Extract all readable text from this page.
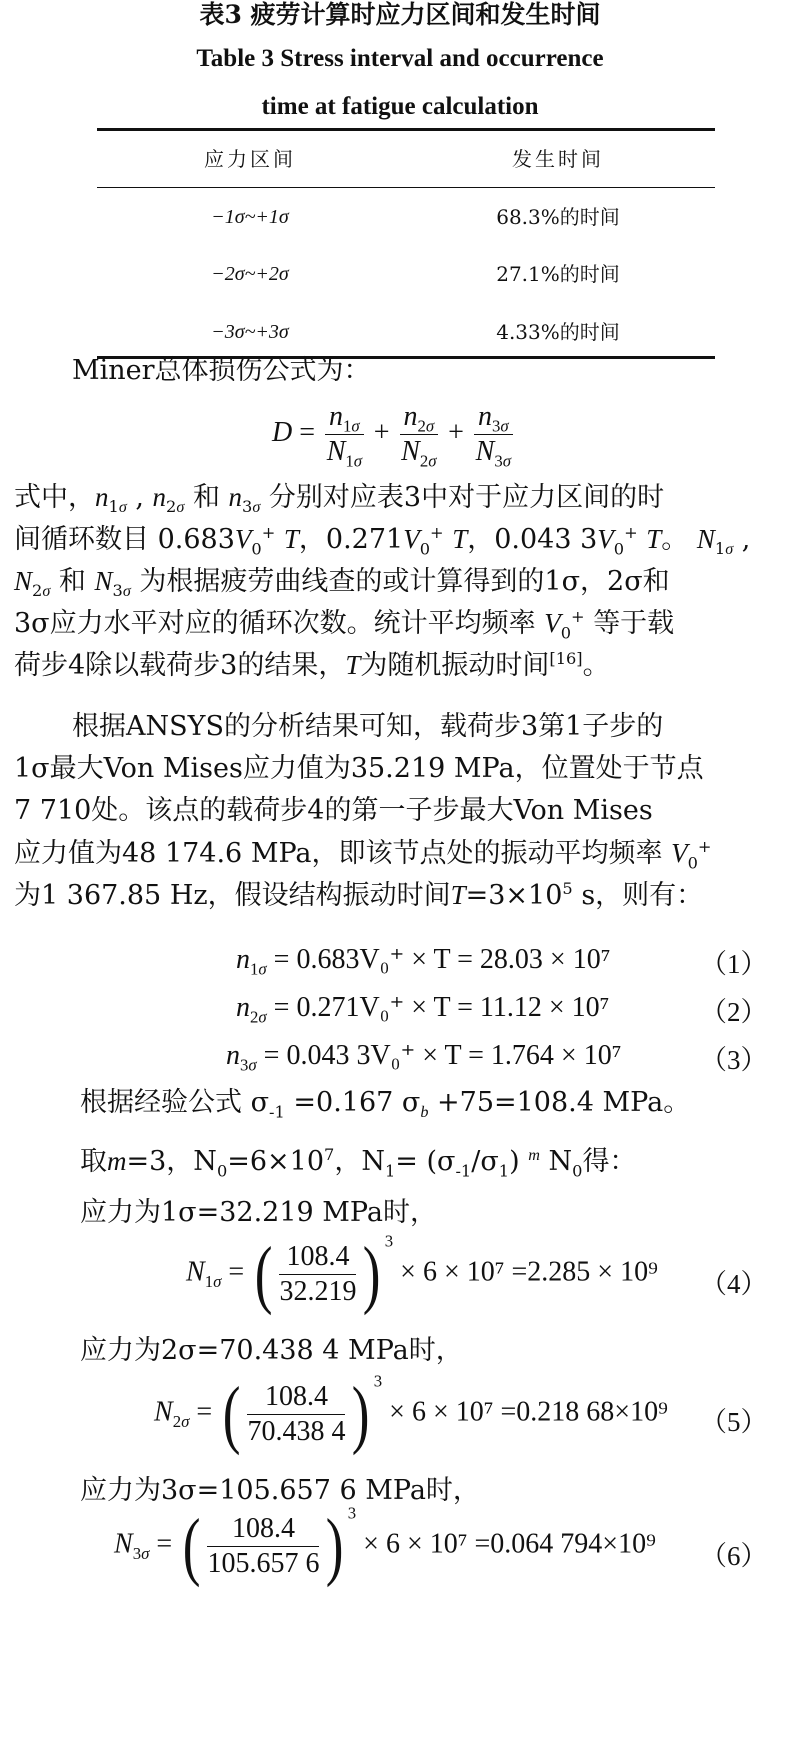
表3 疲劳计算时应力区间和发生时间
Table 3 Stress interval and occurrence
time at fatigue calculation
应力区间	发生时间
−1σ~+1σ	68.3%的时间
−2σ~+2σ	27.1%的时间
−3σ~+3σ	4.33%的时间
Miner总体损伤公式为：
$D = \frac{n_{1\sigma}}{N_{1\sigma}} + \frac{n_{2\sigma}}{N_{2\sigma}} + \frac{n_{3\sigma}}{N_{3\sigma}}$
式中，$n_{1\sigma}$ , $n_{2\sigma}$ 和 $n_{3\sigma}$ 分别对应表3中对于应力区间的时
间循环数目 $0.683V_0^+$ T，$0.271V_0^+$ T，0.043 $3V_0^+$ T。 $N_{1\sigma}$ ,
$N_{2\sigma}$ 和 $N_{3\sigma}$ 为根据疲劳曲线查的或计算得到的1σ，2σ和
3σ应力水平对应的循环次数。统计平均频率 $V_0^+$ 等于载
荷步4除以载荷步3的结果，T为随机振动时间[16]。
根据ANSYS的分析结果可知，载荷步3第1子步的
1σ最大Von Mises应力值为35.219 MPa，位置处于节点
7 710处。该点的载荷步4的第一子步最大Von Mises
应力值为48 174.6 MPa，即该节点处的振动平均频率 $V_0^+$
为1 367.85 Hz，假设结构振动时间$T=3\times 10^5$ s，则有：
$n_{1\sigma} = 0.683V_0^+ \times T = 28.03 \times 10^7$	（1）
$n_{2\sigma} = 0.271V_0^+ \times T = 11.12 \times 10^7$	（2）
$n_{3\sigma} = 0.043$ 3V₀⁺ × T = 1.764 × 10⁷	（3）
根据经验公式 $\sigma_{-1} =0.167$ $\sigma_b +75=108.4$ MPa。
取m=3，$N_0=6\times 10^7$，$N_1= (\sigma_{-1}/\sigma_1)$ $^m$ $N_0$得：
应力为1σ=32.219 MPa时，
$N_{1\sigma}$ = ( $\frac{108.4}{32.219}$ ) $^3$ × 6 × 10⁷ =2.285 × 10⁹ （4）
应力为2σ=70.438 4 MPa时，
$N_{2\sigma}$ = ( $\frac{108.4}{70.438 4}$ ) $^3$ × 6 × 10⁷ =0.218 68×10⁹ （5）
应力为3σ=105.657 6 MPa时，
$N_{3\sigma}$ = ( $\frac{108.4}{105.657 6}$ ) $^3$ × 6 × 10⁷ =0.064 794×10⁹ （6）
